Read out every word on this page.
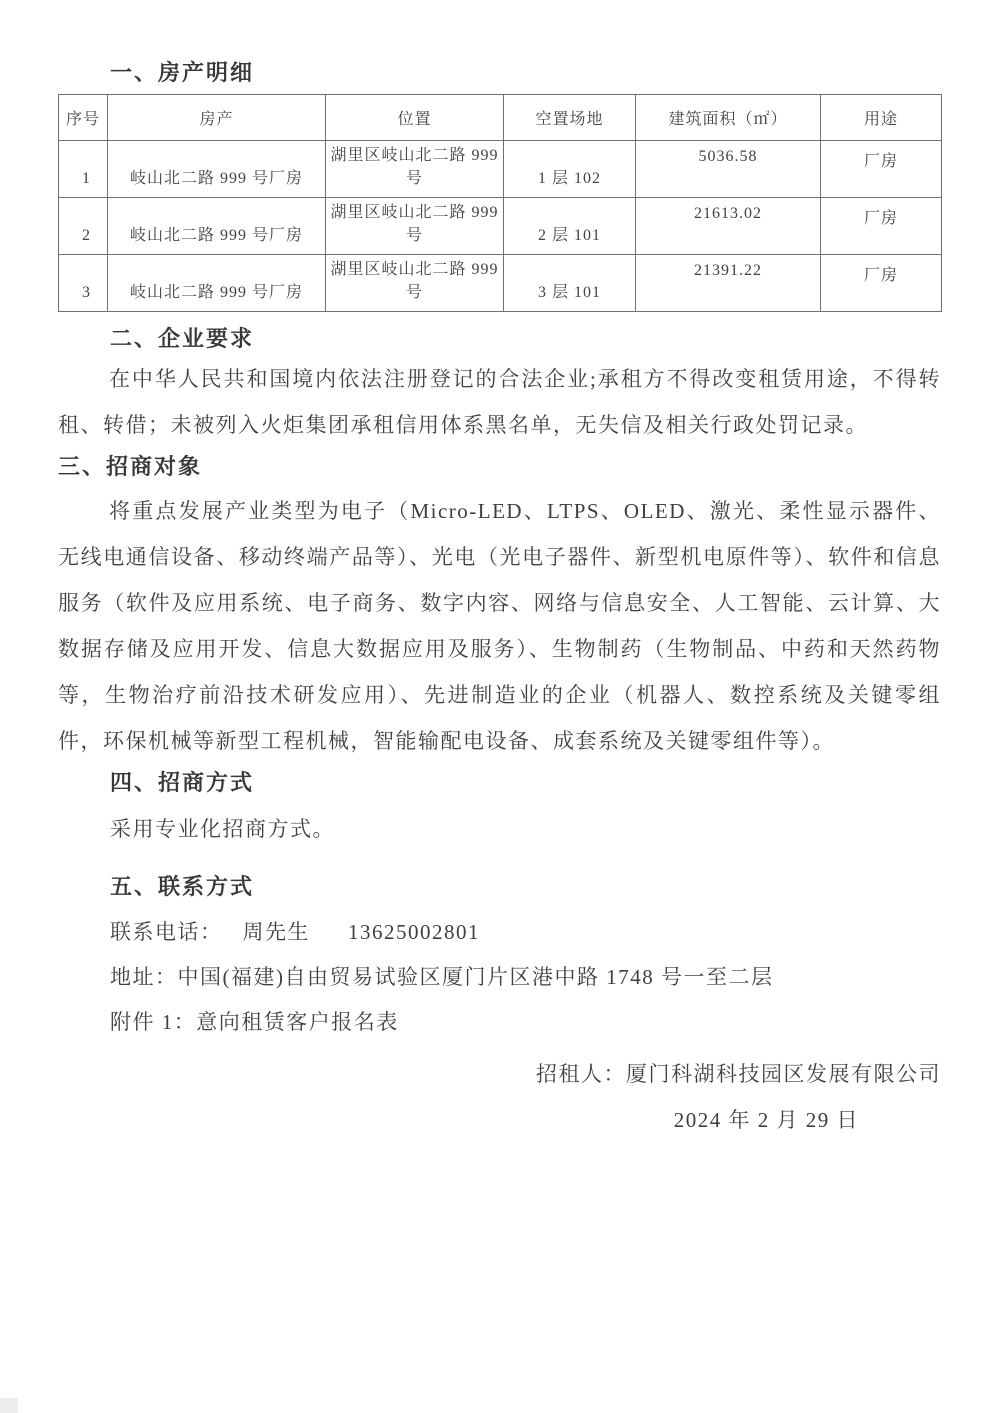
一、房产明细

序号	房产	位置	空置场地	建筑面积（㎡）	用途
1	岐山北二路 999 号厂房	湖里区岐山北二路 999 号	1 层 102	5036.58	厂房
2	岐山北二路 999 号厂房	湖里区岐山北二路 999 号	2 层 101	21613.02	厂房
3	岐山北二路 999 号厂房	湖里区岐山北二路 999 号	3 层 101	21391.22	厂房

二、企业要求

在中华人民共和国境内依法注册登记的合法企业;承租方不得改变租赁用途，不得转租、转借；未被列入火炬集团承租信用体系黑名单，无失信及相关行政处罚记录。

三、招商对象

将重点发展产业类型为电子（Micro-LED、LTPS、OLED、激光、柔性显示器件、无线电通信设备、移动终端产品等）、光电（光电子器件、新型机电原件等）、软件和信息服务（软件及应用系统、电子商务、数字内容、网络与信息安全、人工智能、云计算、大数据存储及应用开发、信息大数据应用及服务）、生物制药（生物制品、中药和天然药物等，生物治疗前沿技术研发应用）、先进制造业的企业（机器人、数控系统及关键零组件，环保机械等新型工程机械，智能输配电设备、成套系统及关键零组件等）。

四、招商方式

采用专业化招商方式。

五、联系方式

联系电话： 周先生 13625002801
地址：中国(福建)自由贸易试验区厦门片区港中路 1748 号一至二层
附件 1：意向租赁客户报名表
招租人：厦门科湖科技园区发展有限公司
2024 年 2 月 29 日
